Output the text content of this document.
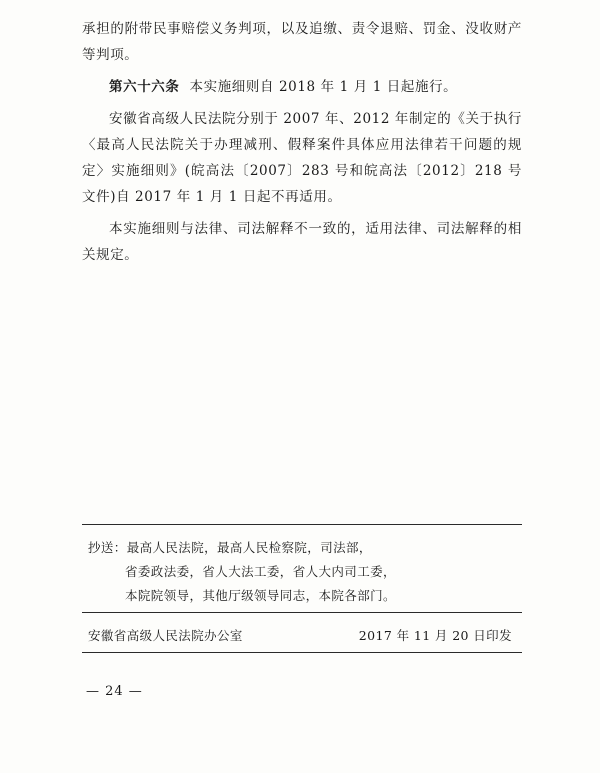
承担的附带民事赔偿义务判项，以及追缴、责令退赔、罚金、没收财产等判项。

第六十六条 本实施细则自 2018 年 1 月 1 日起施行。

安徽省高级人民法院分别于 2007 年、2012 年制定的《关于执行〈最高人民法院关于办理减刑、假释案件具体应用法律若干问题的规定〉实施细则》(皖高法〔2007〕283 号和皖高法〔2012〕218 号文件)自 2017 年 1 月 1 日起不再适用。

本实施细则与法律、司法解释不一致的，适用法律、司法解释的相关规定。

抄送：最高人民法院，最高人民检察院，司法部，
省委政法委，省人大法工委，省人大内司工委，
本院院领导，其他厅级领导同志，本院各部门。
安徽省高级人民法院办公室	2017 年 11 月 20 日印发
— 24 —
